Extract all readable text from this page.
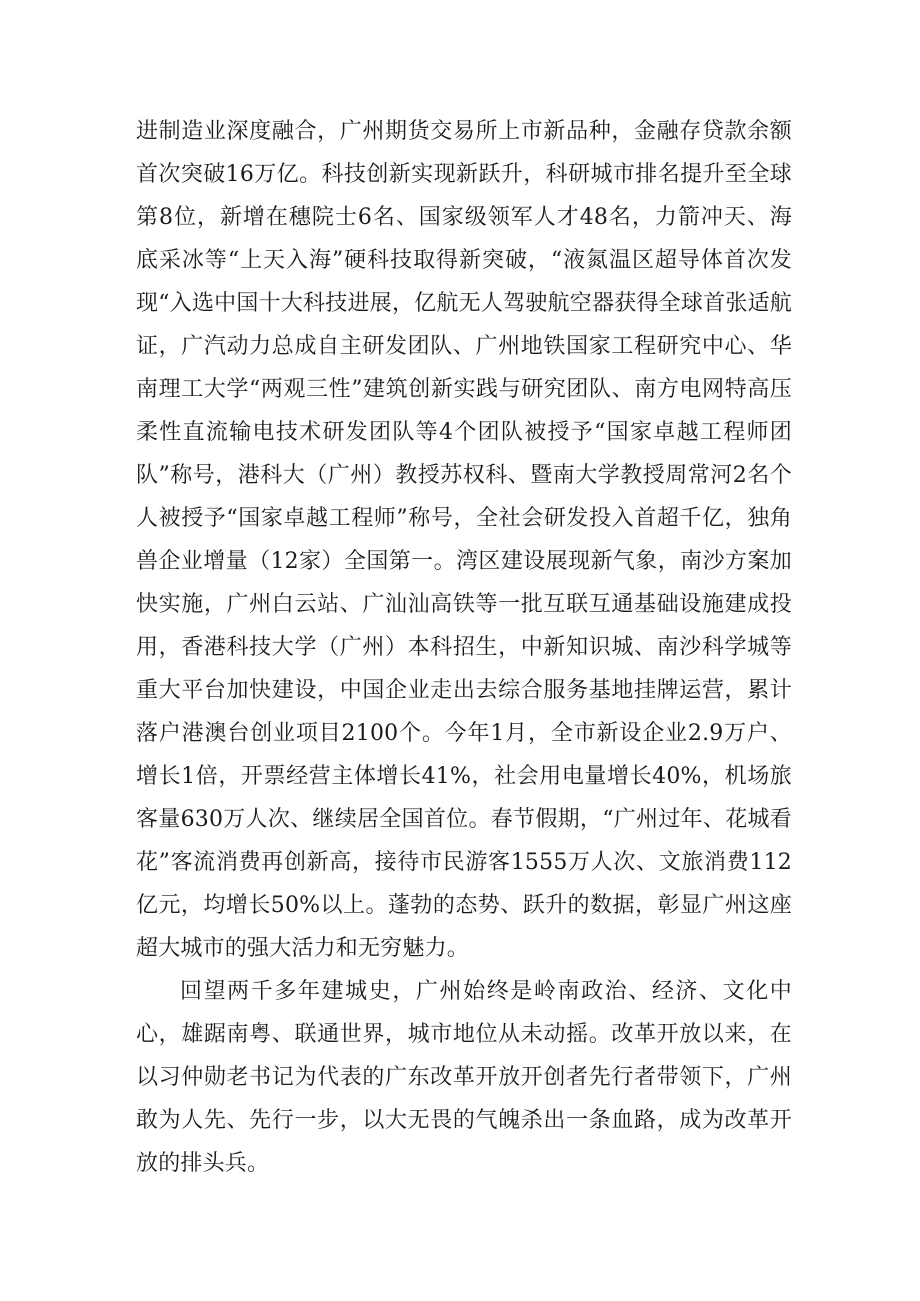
进制造业深度融合，广州期货交易所上市新品种，金融存贷款余额首次突破16万亿。科技创新实现新跃升，科研城市排名提升至全球第8位，新增在穗院士6名、国家级领军人才48名，力箭冲天、海底采冰等“上天入海”硬科技取得新突破，“液氮温区超导体首次发现“入选中国十大科技进展，亿航无人驾驶航空器获得全球首张适航证，广汽动力总成自主研发团队、广州地铁国家工程研究中心、华南理工大学“两观三性”建筑创新实践与研究团队、南方电网特高压柔性直流输电技术研发团队等4个团队被授予“国家卓越工程师团队”称号，港科大（广州）教授苏权科、暨南大学教授周常河2名个人被授予“国家卓越工程师”称号，全社会研发投入首超千亿，独角兽企业增量（12家）全国第一。湾区建设展现新气象，南沙方案加快实施，广州白云站、广汕汕高铁等一批互联互通基础设施建成投用，香港科技大学（广州）本科招生，中新知识城、南沙科学城等重大平台加快建设，中国企业走出去综合服务基地挂牌运营，累计落户港澳台创业项目2100个。今年1月，全市新设企业2.9万户、增长1倍，开票经营主体增长41%，社会用电量增长40%，机场旅客量630万人次、继续居全国首位。春节假期，“广州过年、花城看花”客流消费再创新高，接待市民游客1555万人次、文旅消费112亿元，均增长50%以上。蓬勃的态势、跃升的数据，彰显广州这座超大城市的强大活力和无穷魅力。

回望两千多年建城史，广州始终是岭南政治、经济、文化中心，雄踞南粤、联通世界，城市地位从未动摇。改革开放以来，在以习仲勋老书记为代表的广东改革开放开创者先行者带领下，广州敢为人先、先行一步，以大无畏的气魄杀出一条血路，成为改革开放的排头兵。
